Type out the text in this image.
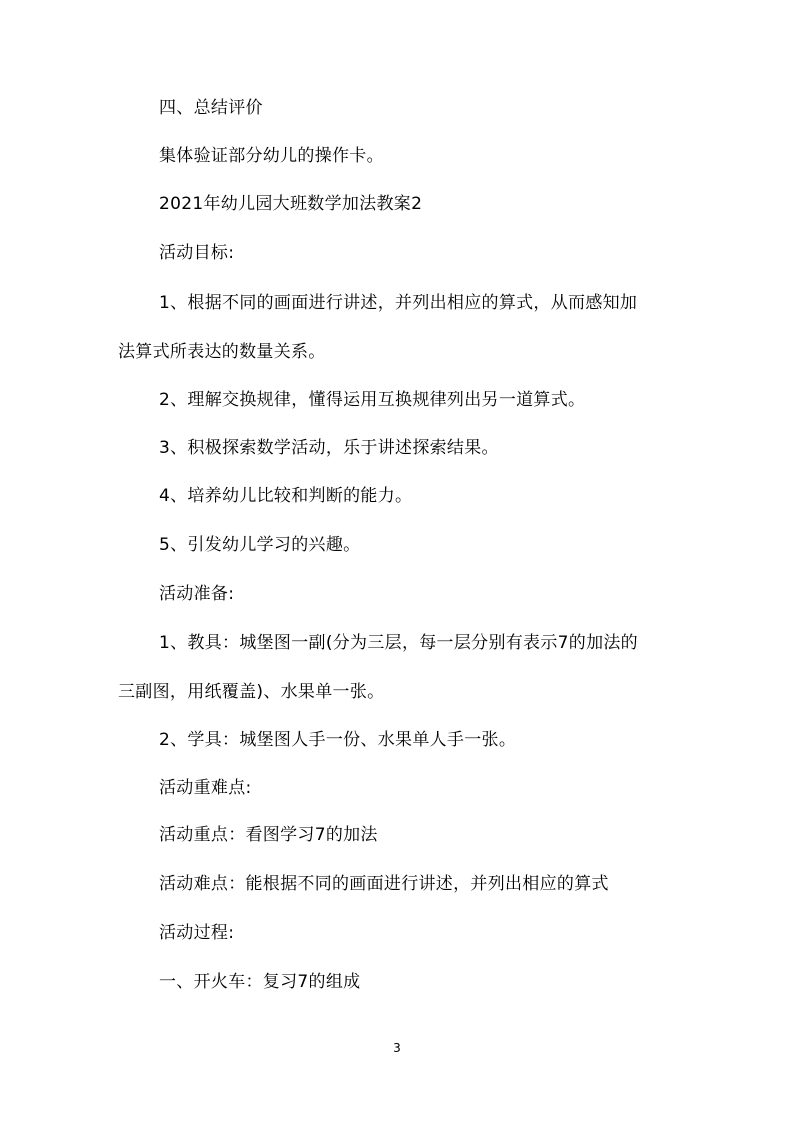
四、总结评价
集体验证部分幼儿的操作卡。
2021年幼儿园大班数学加法教案2
活动目标:
1、根据不同的画面进行讲述，并列出相应的算式，从而感知加
法算式所表达的数量关系。
2、理解交换规律，懂得运用互换规律列出另一道算式。
3、积极探索数学活动，乐于讲述探索结果。
4、培养幼儿比较和判断的能力。
5、引发幼儿学习的兴趣。
活动准备:
1、教具：城堡图一副(分为三层，每一层分别有表示7的加法的
三副图，用纸覆盖)、水果单一张。
2、学具：城堡图人手一份、水果单人手一张。
活动重难点:
活动重点：看图学习7的加法
活动难点：能根据不同的画面进行讲述，并列出相应的算式
活动过程:
一、开火车：复习7的组成
3
